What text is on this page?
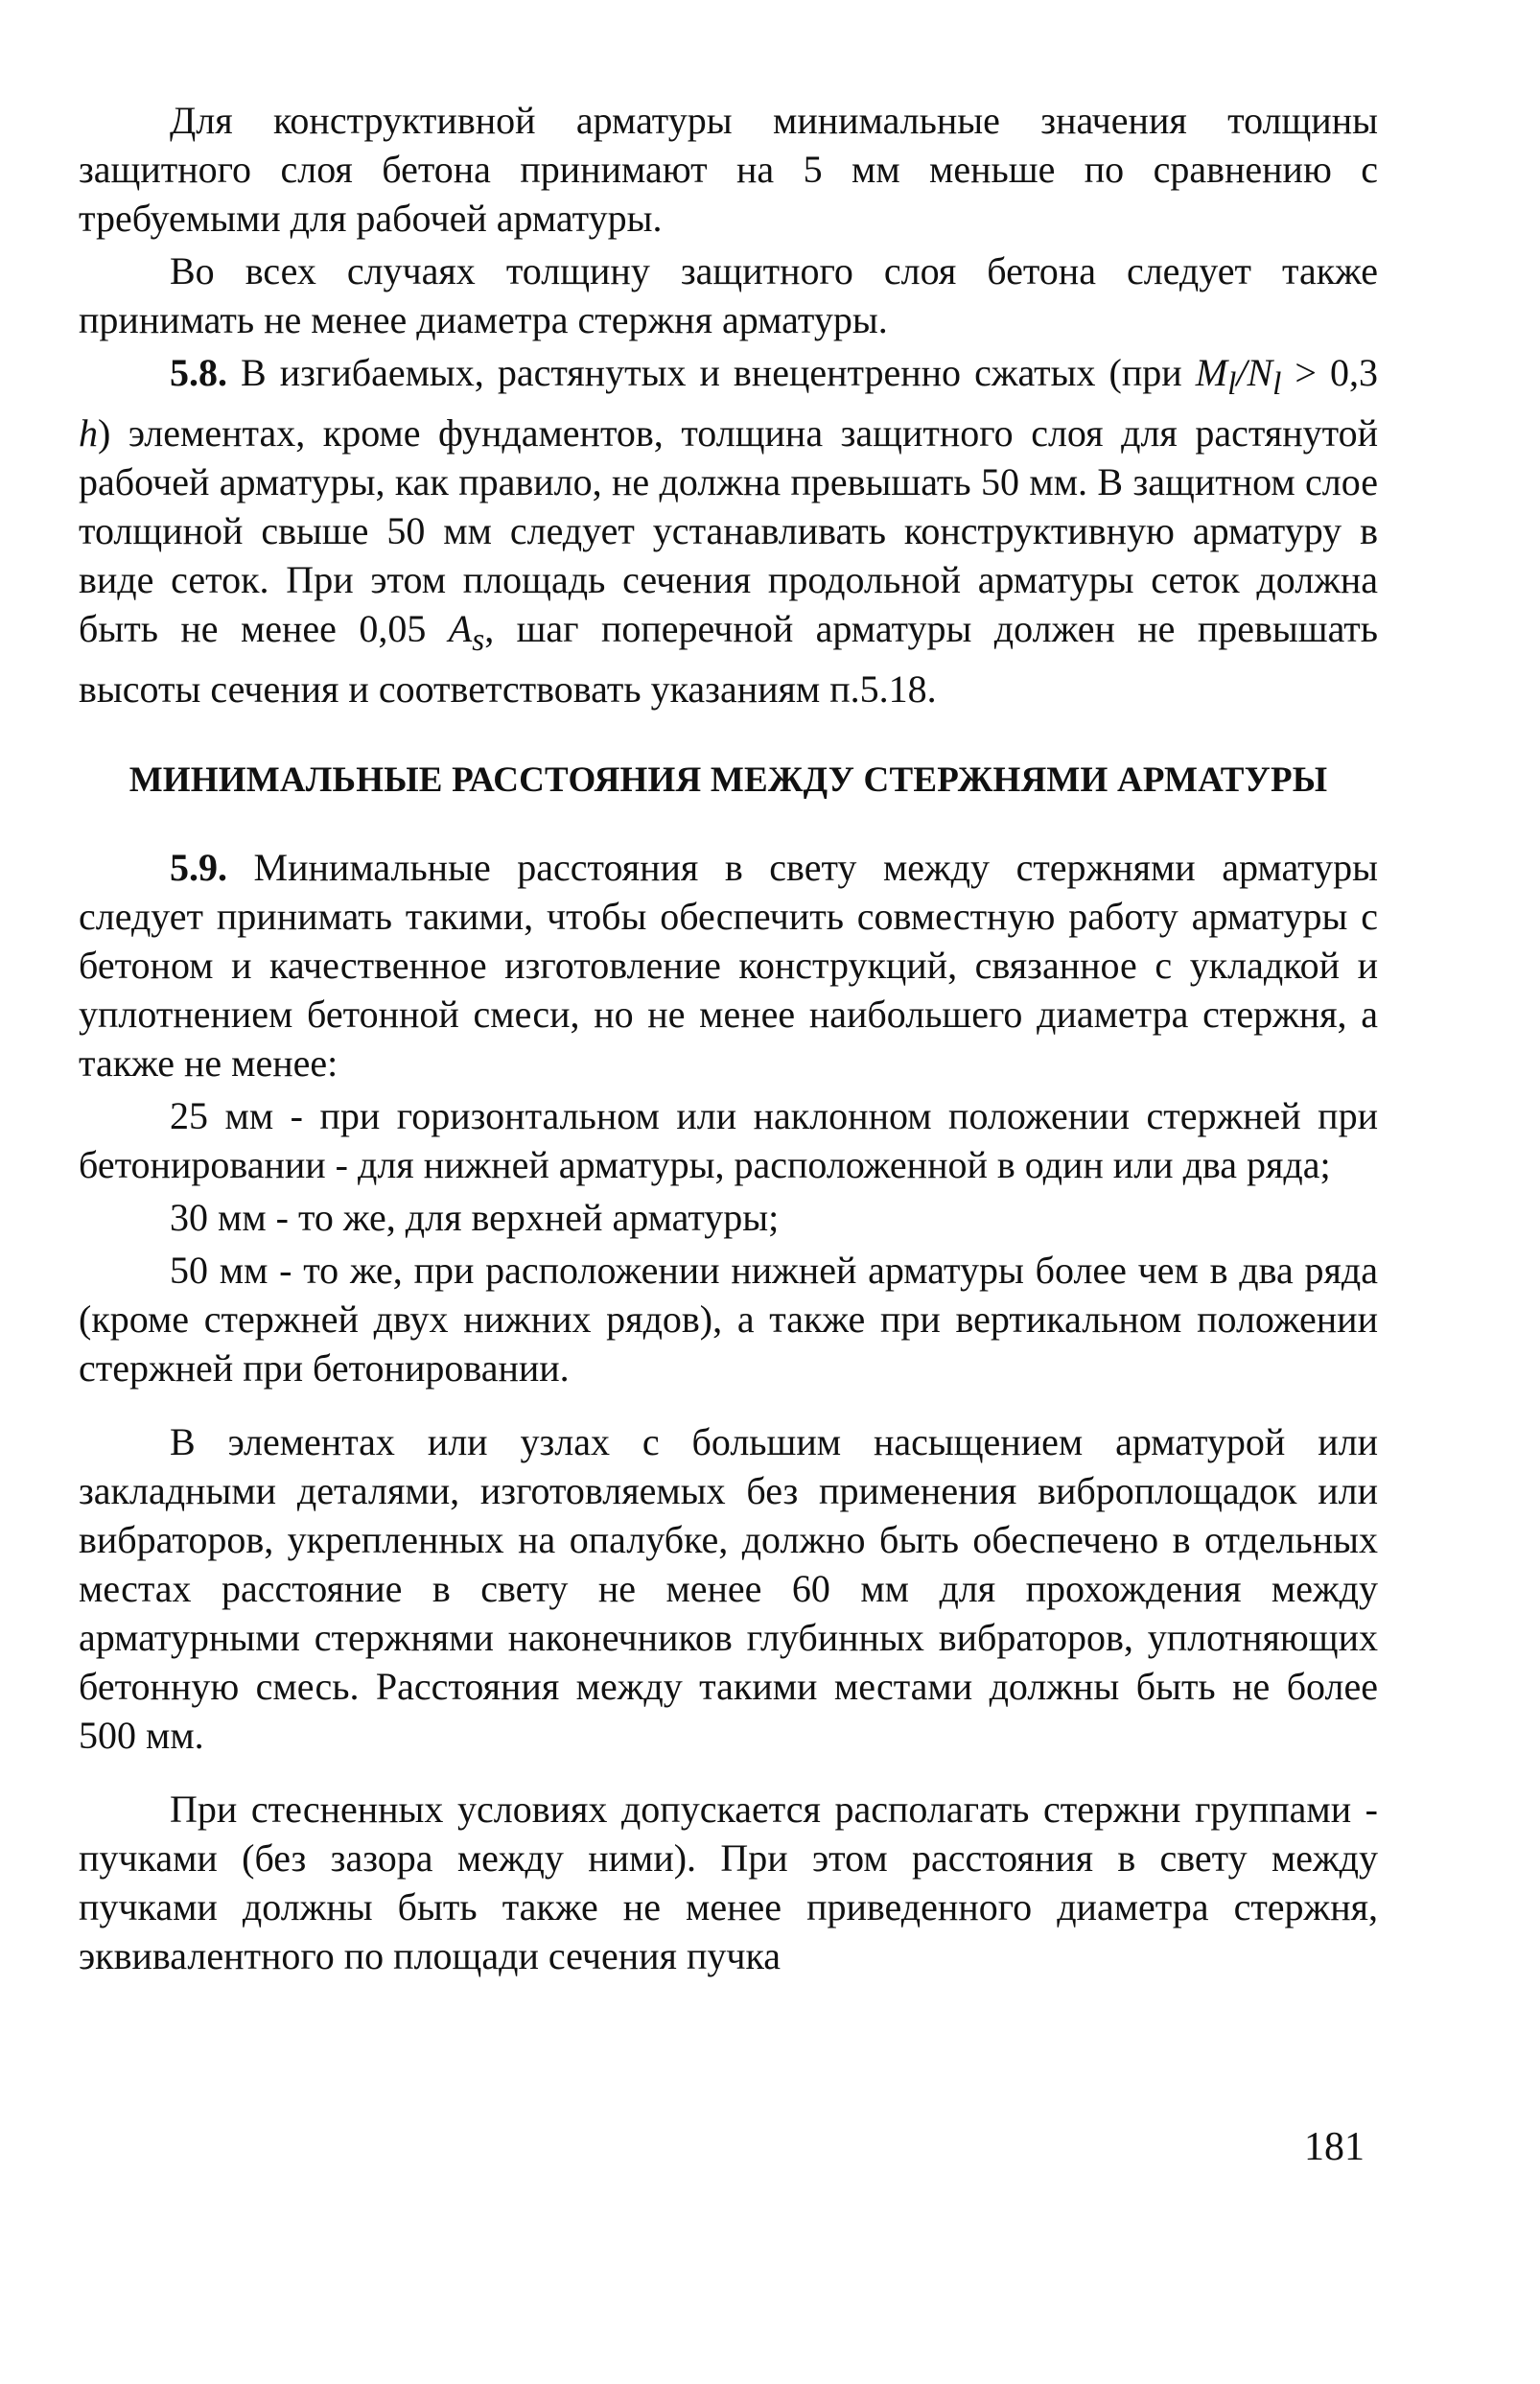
Для конструктивной арматуры минимальные значения толщины защитного слоя бетона принимают на 5 мм меньше по сравнению с требуемыми для рабочей арматуры.

Во всех случаях толщину защитного слоя бетона следует также принимать не менее диаметра стержня арматуры.

5.8. В изгибаемых, растянутых и внецентренно сжатых (при $M_l/N_l > 0,3$ h) элементах, кроме фундаментов, толщина защитного слоя для растянутой рабочей арматуры, как правило, не должна превышать 50 мм. В защитном слое толщиной свыше 50 мм следует устанавливать конструктивную арматуру в виде сеток. При этом площадь сечения продольной арматуры сеток должна быть не менее 0,05 $A_s$, шаг поперечной арматуры должен не превышать высоты сечения и соответствовать указаниям п.5.18.

МИНИМАЛЬНЫЕ РАССТОЯНИЯ МЕЖДУ СТЕРЖНЯМИ АРМАТУРЫ

5.9. Минимальные расстояния в свету между стержнями арматуры следует принимать такими, чтобы обеспечить совместную работу арматуры с бетоном и качественное изготовление конструкций, связанное с укладкой и уплотнением бетонной смеси, но не менее наибольшего диаметра стержня, а также не менее:

25 мм - при горизонтальном или наклонном положении стержней при бетонировании - для нижней арматуры, расположенной в один или два ряда;

30 мм - то же, для верхней арматуры;

50 мм - то же, при расположении нижней арматуры более чем в два ряда (кроме стержней двух нижних рядов), а также при вертикальном положении стержней при бетонировании.

В элементах или узлах с большим насыщением арматурой или закладными деталями, изготовляемых без применения виброплощадок или вибраторов, укрепленных на опалубке, должно быть обеспечено в отдельных местах расстояние в свету не менее 60 мм для прохождения между арматурными стержнями наконечников глубинных вибраторов, уплотняющих бетонную смесь. Расстояния между такими местами должны быть не более 500 мм.

При стесненных условиях допускается располагать стержни группами - пучками (без зазора между ними). При этом расстояния в свету между пучками должны быть также не менее приведенного диаметра стержня, эквивалентного по площади сечения пучка

181
